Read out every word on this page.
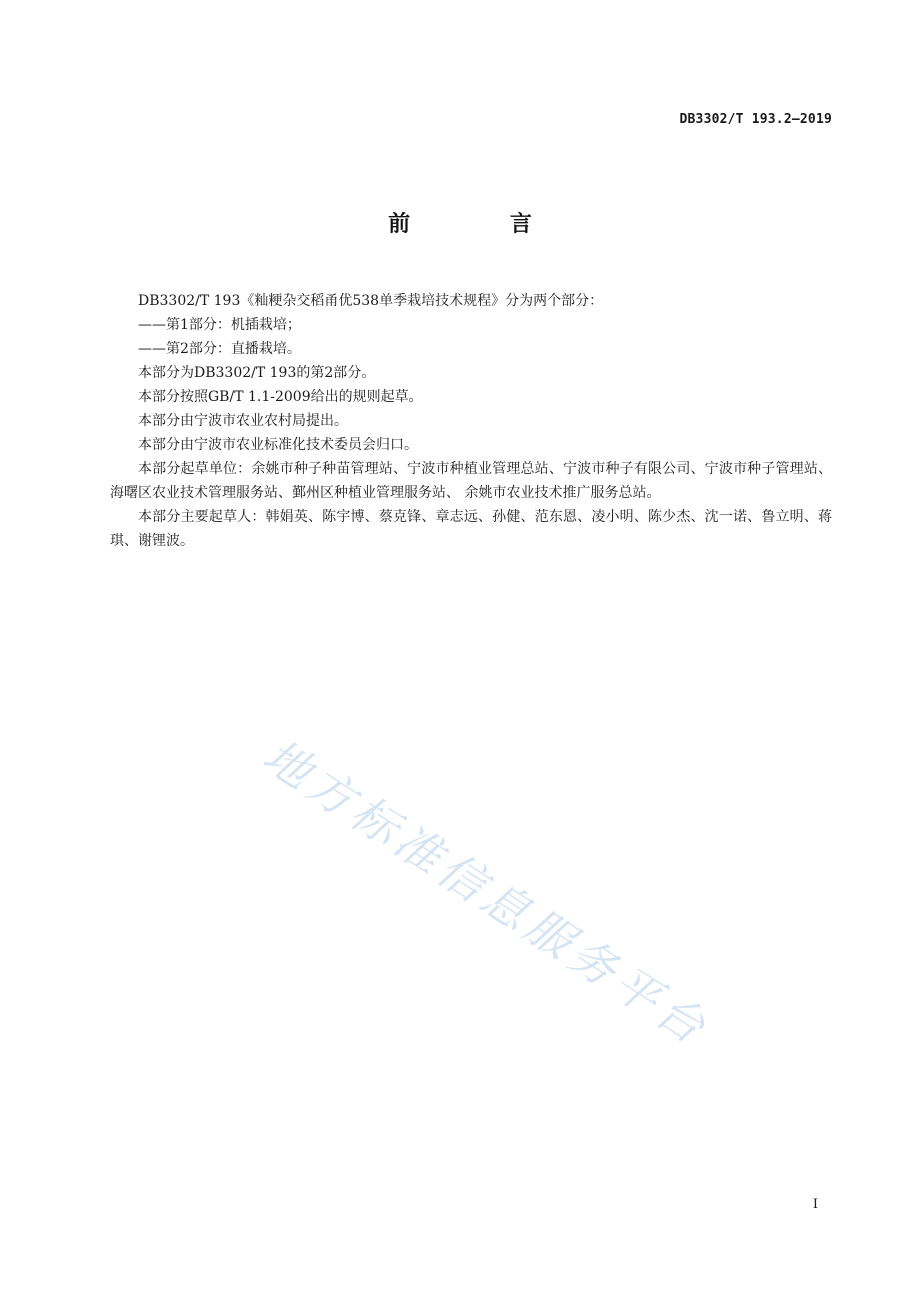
DB3302/T 193.2—2019
前 言

DB3302/T 193《籼粳杂交稻甬优538单季栽培技术规程》分为两个部分：

——第1部分：机插栽培；

——第2部分：直播栽培。

本部分为DB3302/T 193的第2部分。

本部分按照GB/T 1.1-2009给出的规则起草。

本部分由宁波市农业农村局提出。

本部分由宁波市农业标准化技术委员会归口。

本部分起草单位：余姚市种子种苗管理站、宁波市种植业管理总站、宁波市种子有限公司、宁波市种子管理站、海曙区农业技术管理服务站、鄞州区种植业管理服务站、 余姚市农业技术推广服务总站。

本部分主要起草人：韩娟英、陈宇博、蔡克锋、章志远、孙健、范东恩、凌小明、陈少杰、沈一诺、鲁立明、蒋琪、谢锂波。

地方标准信息服务平台
I
